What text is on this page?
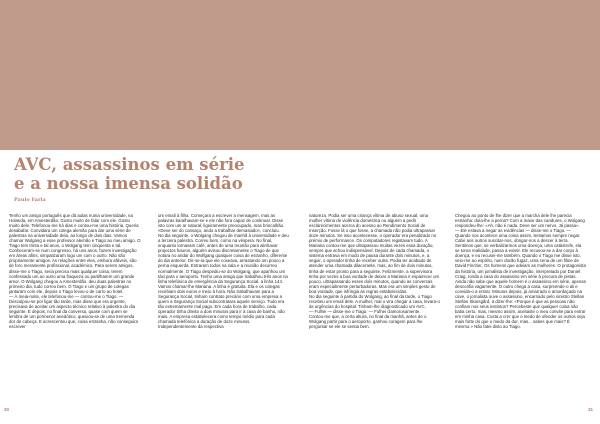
AVC, assassinos em série
e a nossa imensa solidão

Paulo Faria

Tenho um amigo português que dá aulas numa universidade, na Holanda, em Amesterdão. Gosto muito de falar com ele. Gosto muito dele. Telefonou-me há dias e contou-me uma história. Queria desabafar. Convidara um colega alemão para dar uma série de palestras na universidade dela, ao longo de dois dias. Vamos chamar Wolgang a esse professor alemão e Tiago ao meu amigo. O Tiago tem trinta e tal anos, o Wolgang tem cinquenta e tal. Conheceram-se num congresso, há uns anos, fazem investigação em áreas afins, simpatizaram logo um com o outro. Não são propriamente amigos. As relações entre eles, embora afáveis, são de foro meramente profissional, académico. Para serem amigos, disse-me o Tiago, seria preciso mais qualquer coisa, terem confessado um ao outro uma fraqueza ou partilharem um grande amor. O Wolgang chegou a Amesterdão. deu duas palestras no primeiro dia, tudo correu bem. O Tiago e um grupo de colegas jantaram com ele, depois o Tiago levou-o de carro ao hotel.
— À meia-noite, ele telefonou-me — contou-me o Tiago. — Desculpou-se por ligar tão tarde, mas disse que era urgente, precisava de aceitar um aspecto técnico relativo à palestra do dia seguinte. E depois, no final da conversa, quase com quem se lembra de um pormenor anedótico, queixou-se de uma tremenda dor de cabeça. E acrescentou que, coisa estranha, não conseguira escrever

um email à filha. Começara a escrever a mensagem, mas as palavras baralhavam-se e ele não fora capaz de continuar. Disse isto com um ar natural, ligeiramente preocupado, mas brincalhão. «Deve ser do cansaço, ando a trabalhar demasiado», concluiu.
No dia seguinte, o Wolgang chegou de manhã à universidade e deu a terceira palestra. Correu bem, como na véspera. No final, enquanto tomavam café, antes de uma reunião para alinhavar projectos futuros, alguém avisou discretamente o Tiago de que notara no andar do Wolfgang qualquer coisa de estranho, diferente do dia anterior. Dir-se-ia que ele coxeava, arrastando um pouco a perna esquerda. Entraram todos na sala e a reunião decorreu normalmente. O Tiago despediu-se do Wolgang, que apanhou um táxi para o aeroporto. Tenho uma amiga que trabalhou três anos na linha telefónica de emergência da Segurança Social, a linha 144. Vamos chamar-lhe Mariana. A linha é gratuita. Ela e os colegas recebiam dois euros e meio à hora. Não trabalhavam para a Segurança Social, tinham contrato precário com uma empresa a quem a Segurança Social subcontratara aquele serviço. Tudo era tão extremamente mal pago. Em cada hora de trabalho, cada operador tinha direito a dois minutos para ir à casa de banho, não mais. A empresa estabelecera como tempo médio para cada chamada telefónica a duração de doze minutos. Independentemente da respectiva

natureza. Podia ser uma criança vítima de abuso sexual, uma mulher vítima de violência doméstica ou alguém a pedir esclarecimentos acerca do acesso ao Rendimento Social de Inserção. Fosse lá o que fosse, a chamada não podia ultrapassar doze minutos. Se isso acontecesse, o operador era penalizado no prémio de performance. Os computadores registavam tudo. A Mariana contou-me que ultrapassou muitas vezes essa duração, sempre que achou indispensável. Depois de cada chamada, o sistema entrava em modo de pausa durante dois minutos, e, a seguir, o operador tinha de receber outra. Podia ter acabado de atender uma chamada dilacerante, mas, ao fim de dois minutos, tinha de estar pronto para a seguinte. Felizmente, a supervisora tinha por vezes a boa vontade de deixar a Mariana ir espairecer um pouco, ultrapassando esses dois minutos, quando as conversas eram especialmente perturbadoras. Mas era um simples gesto de boa vontade, que infringia as regras estabelecidas.
No dia seguinte à partida do Wolgang, ao final da tarde, o Tiago recebeu um email dele. A mulher, mal o vira chegar a casa, levara-o às urgências do hospital. Tinham-lhe diagnosticado um AVC.
— Fulhei — disse-me o Tiago. — Fulhei clamorosamente.
Contou-me que, a certa altura, no final da manhã, antes de o Wolgang partir para o aeroporto, ganhou coragem para lhe perguntar se ele se sentia bem.

Chegou ao ponto de lhe dizer que a marcha dele lhe parecia estranha: doía-lhe a perna? Com a maior das candures, o Wolgang respondeu-lhe: «Ah, não é nada. Deve ser um nervo. Já passa».
— Ele estava a negar as evidências — disse-me o Tiago. — Quando nos acontece uma coisa assim, tentamos sempre negar. Cabe aos outros suscitar-nos, obrigar-nos a descer à terra. Sentimos que, se verbalizarmos uma doença, uma catástrofe, ela se torna realidade, passa a existir. Ele recusou-se a dar corpo à doença, e eu recusei-me também. Quando o Tiago me disse isto, veio-me ao espírito, num clarão fugaz, uma cena de um filme de David Fincher, Os homens que odeiam as mulheres. O protagonista da história, um jornalista de investigação, interpretado por Daniel Craig, ronda a casa do assassino em série à procura de pistas. Ainda não sabe que aquele homem é o assassino em série, apenas desconfia vagamente. O outro chega a casa, surpreende-o ali e convida-o a entrar. Minutos depois, já amarrado e amordaçado na cave, o jornalista ouve o assassino, encarnado pelo sinistro Stellan Stellan Skarsgård, a dizer-lhe: «Porque é que as pessoas não confiam nos seus instintos? Percebeste que qualquer coisa não batia certo, mas, mesmo assim, aceitaste o meu convite para entrar em minha casa. Custa a crer que o medo de ofender os outros seja mais forte do que o medo da dor, mas... sabes que mais? É mesmo.» Não fatei disto ao Tiago.

30	31
